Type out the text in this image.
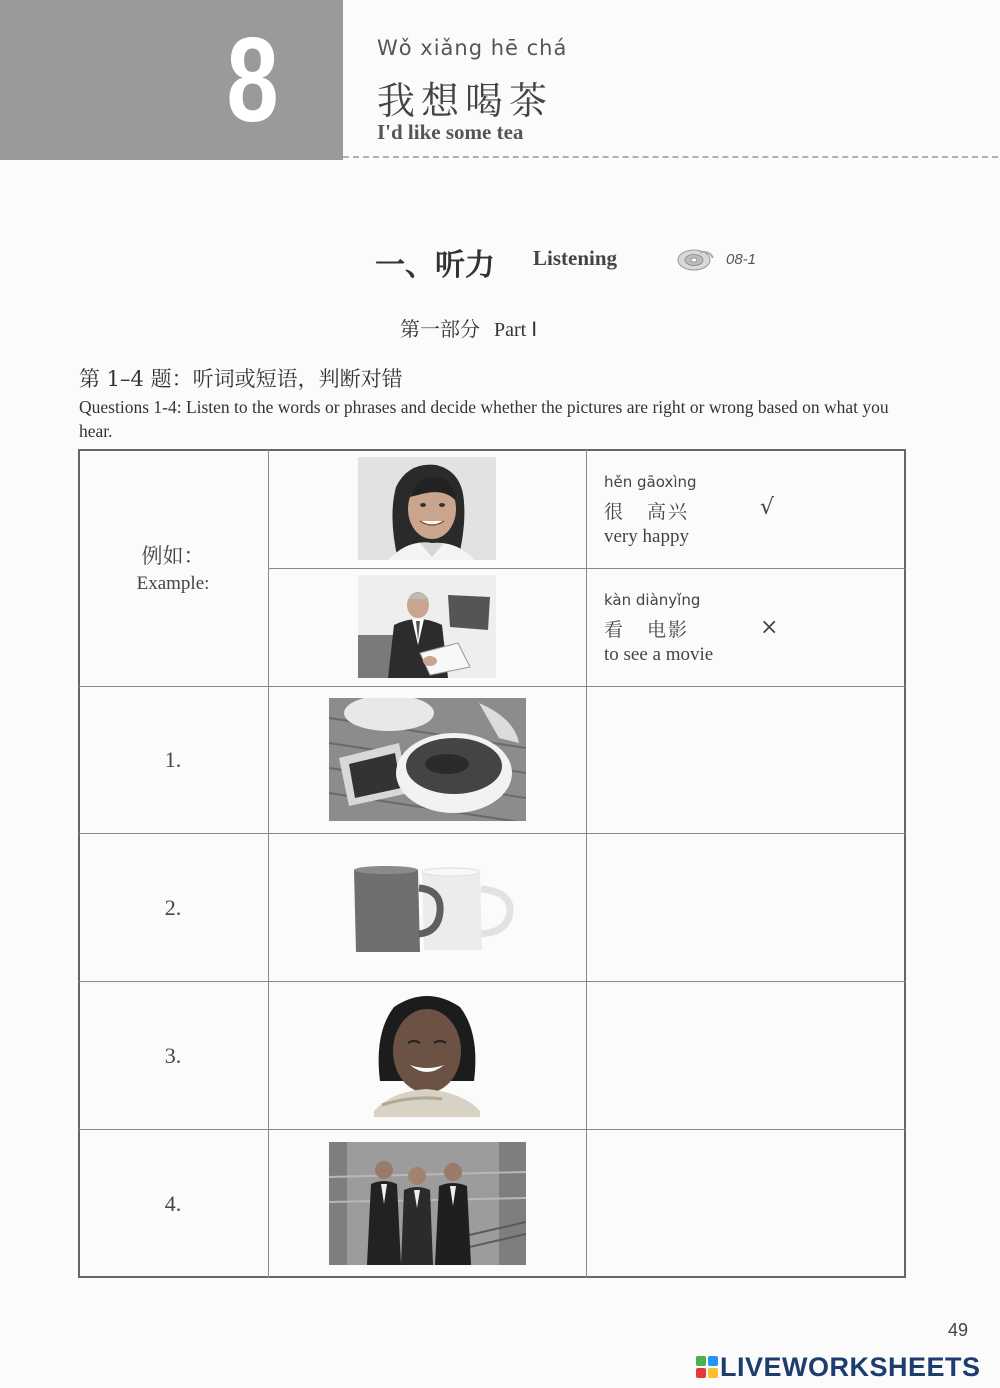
8	Wǒ xiǎng hē chá
我想喝茶
I'd like some tea
一、听力 Listening	08-1
第一部分 Part Ⅰ
第 1–4 题：听词或短语，判断对错
Questions 1-4: Listen to the words or phrases and decide whether the pictures are right or wrong based on what you hear.
例如：
Example:
hěn gāoxìng
很 高兴
very happy
√
kàn diànyǐng
看 电影
to see a movie
×
1.
2.
3.
4.
49
LIVEWORKSHEETS
